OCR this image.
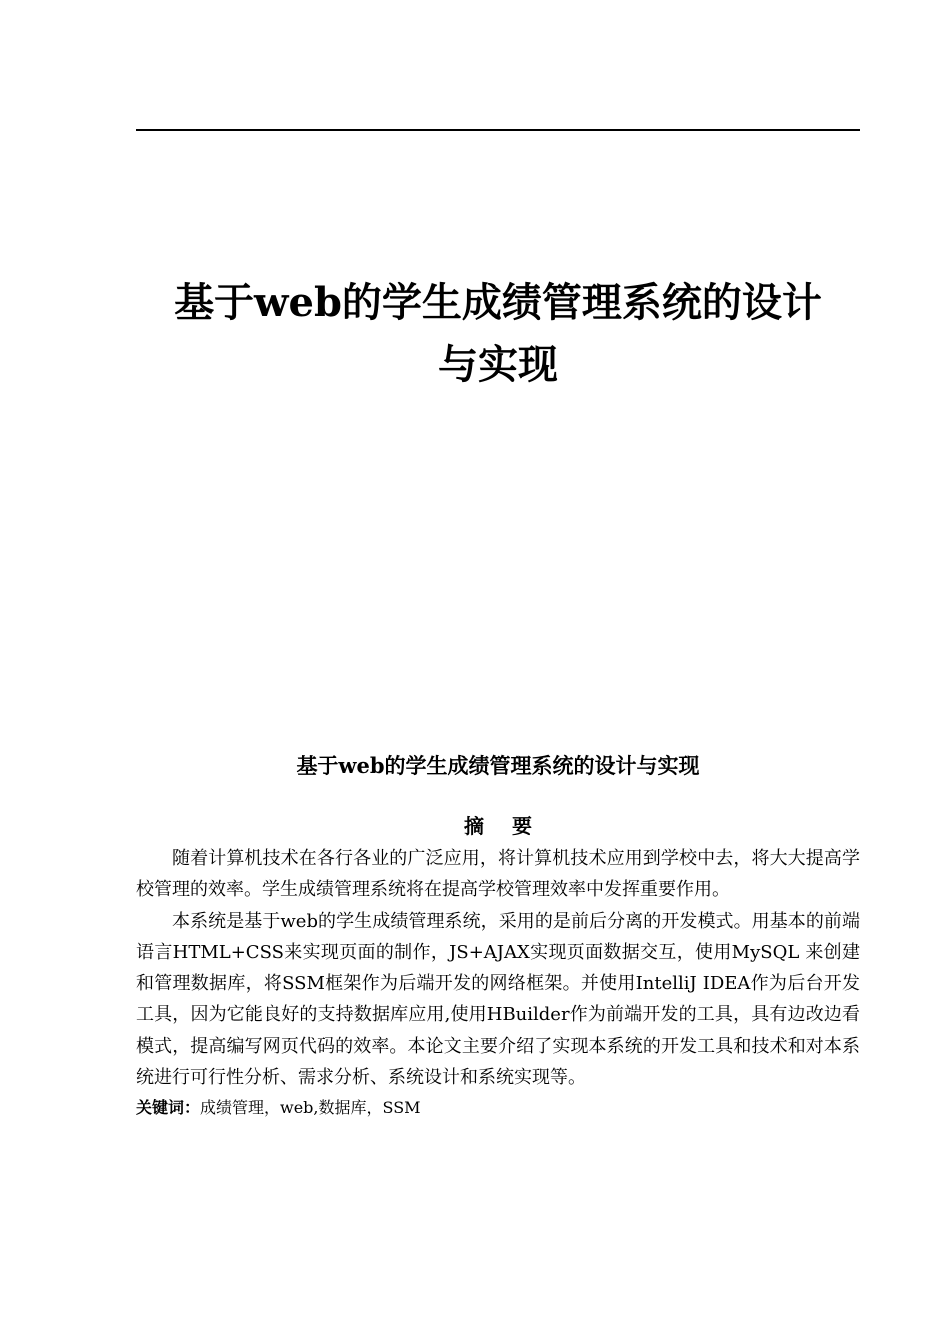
基于web的学生成绩管理系统的设计
与实现
基于web的学生成绩管理系统的设计与实现
摘要

随着计算机技术在各行各业的广泛应用，将计算机技术应用到学校中去，将大大提高学校管理的效率。学生成绩管理系统将在提高学校管理效率中发挥重要作用。

本系统是基于web的学生成绩管理系统，采用的是前后分离的开发模式。用基本的前端语言HTML+CSS来实现页面的制作，JS+AJAX实现页面数据交互，使用MySQL 来创建和管理数据库，将SSM框架作为后端开发的网络框架。并使用IntelliJ IDEA作为后台开发工具，因为它能良好的支持数据库应用,使用HBuilder作为前端开发的工具，具有边改边看模式，提高编写网页代码的效率。本论文主要介绍了实现本系统的开发工具和技术和对本系统进行可行性分析、需求分析、系统设计和系统实现等。

关键词：成绩管理，web,数据库，SSM
